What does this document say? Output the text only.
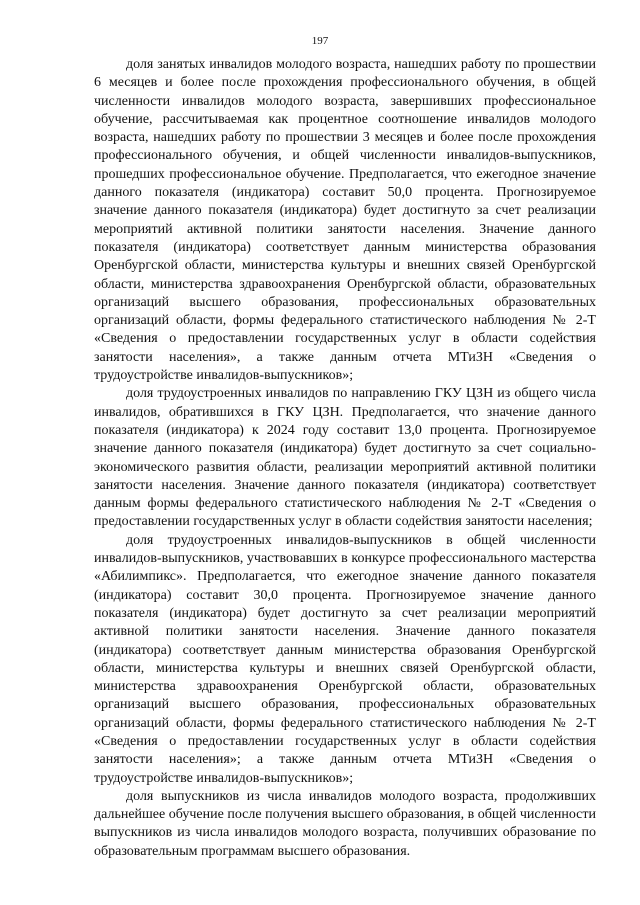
197

доля занятых инвалидов молодого возраста, нашедших работу по прошествии 6 месяцев и более после прохождения профессионального обучения, в общей численности инвалидов молодого возраста, завершивших профессиональное обучение, рассчитываемая как процентное соотношение инвалидов молодого возраста, нашедших работу по прошествии 3 месяцев и более после прохождения профессионального обучения, и общей численности инвалидов-выпускников, прошедших профессиональное обучение. Предполагается, что ежегодное значение данного показателя (индикатора) составит 50,0 процента. Прогнозируемое значение данного показателя (индикатора) будет достигнуто за счет реализации мероприятий активной политики занятости населения. Значение данного показателя (индикатора) соответствует данным министерства образования Оренбургской области, министерства культуры и внешних связей Оренбургской области, министерства здравоохранения Оренбургской области, образовательных организаций высшего образования, профессиональных образовательных организаций области, формы федерального статистического наблюдения № 2-Т «Сведения о предоставлении государственных услуг в области содействия занятости населения», а также данным отчета МТиЗН «Сведения о трудоустройстве инвалидов-выпускников»;

доля трудоустроенных инвалидов по направлению ГКУ ЦЗН из общего числа инвалидов, обратившихся в ГКУ ЦЗН. Предполагается, что значение данного показателя (индикатора) к 2024 году составит 13,0 процента. Прогнозируемое значение данного показателя (индикатора) будет достигнуто за счет социально-экономического развития области, реализации мероприятий активной политики занятости населения. Значение данного показателя (индикатора) соответствует данным формы федерального статистического наблюдения № 2-Т «Сведения о предоставлении государственных услуг в области содействия занятости населения;

доля трудоустроенных инвалидов-выпускников в общей численности инвалидов-выпускников, участвовавших в конкурсе профессионального мастерства «Абилимпикс». Предполагается, что ежегодное значение данного показателя (индикатора) составит 30,0 процента. Прогнозируемое значение данного показателя (индикатора) будет достигнуто за счет реализации мероприятий активной политики занятости населения. Значение данного показателя (индикатора) соответствует данным министерства образования Оренбургской области, министерства культуры и внешних связей Оренбургской области, министерства здравоохранения Оренбургской области, образовательных организаций высшего образования, профессиональных образовательных организаций области, формы федерального статистического наблюдения № 2-Т «Сведения о предоставлении государственных услуг в области содействия занятости населения»; а также данным отчета МТиЗН «Сведения о трудоустройстве инвалидов-выпускников»;

доля выпускников из числа инвалидов молодого возраста, продолживших дальнейшее обучение после получения высшего образования, в общей численности выпускников из числа инвалидов молодого возраста, получивших образование по образовательным программам высшего образования.
